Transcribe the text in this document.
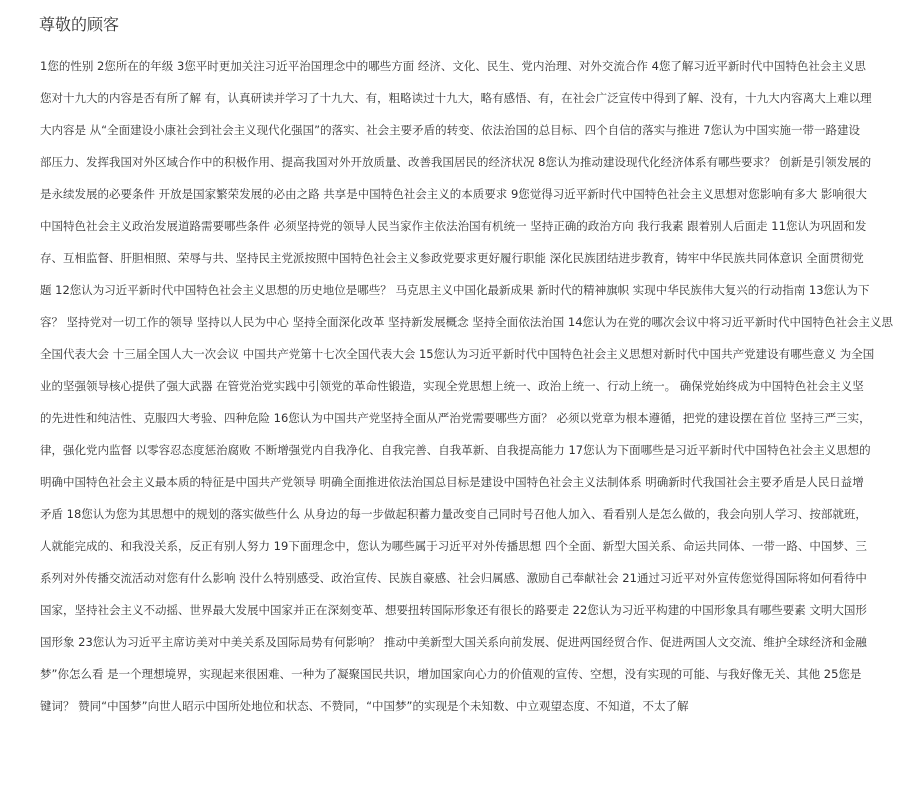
尊敬的顾客
1您的性别 2您所在的年级 3您平时更加关注习近平治国理念中的哪些方面 经济、文化、民生、党内治理、对外交流合作 4您了解习近平新时代中国特色社会主义思
您对十九大的内容是否有所了解 有，认真研读并学习了十九大、有，粗略读过十九大，略有感悟、有，在社会广泛宣传中得到了解、没有，十九大内容离大上难以理
大内容是 从“全面建设小康社会到社会主义现代化强国”的落实、社会主要矛盾的转变、依法治国的总目标、四个自信的落实与推进 7您认为中国实施一带一路建设
部压力、发挥我国对外区域合作中的积极作用、提高我国对外开放质量、改善我国居民的经济状况 8您认为推动建设现代化经济体系有哪些要求？ 创新是引领发展的
是永续发展的必要条件 开放是国家繁荣发展的必由之路 共享是中国特色社会主义的本质要求 9您觉得习近平新时代中国特色社会主义思想对您影响有多大 影响很大
中国特色社会主义政治发展道路需要哪些条件 必须坚持党的领导人民当家作主依法治国有机统一 坚持正确的政治方向 我行我素 跟着别人后面走 11您认为巩固和发
存、互相监督、肝胆相照、荣辱与共、坚持民主党派按照中国特色社会主义参政党要求更好履行职能 深化民族团结进步教育，铸牢中华民族共同体意识 全面贯彻党
题 12您认为习近平新时代中国特色社会主义思想的历史地位是哪些？ 马克思主义中国化最新成果 新时代的精神旗帜 实现中华民族伟大复兴的行动指南 13您认为下
容？ 坚持党对一切工作的领导 坚持以人民为中心 坚持全面深化改革 坚持新发展概念 坚持全面依法治国 14您认为在党的哪次会议中将习近平新时代中国特色社会主义思
全国代表大会 十三届全国人大一次会议 中国共产党第十七次全国代表大会 15您认为习近平新时代中国特色社会主义思想对新时代中国共产党建设有哪些意义 为全国
业的坚强领导核心提供了强大武器 在管党治党实践中引领党的革命性锻造，实现全党思想上统一、政治上统一、行动上统一。 确保党始终成为中国特色社会主义坚
的先进性和纯洁性、克服四大考验、四种危险 16您认为中国共产党坚持全面从严治党需要哪些方面？ 必须以党章为根本遵循，把党的建设摆在首位 坚持三严三实，
律，强化党内监督 以零容忍态度惩治腐败 不断增强党内自我净化、自我完善、自我革新、自我提高能力 17您认为下面哪些是习近平新时代中国特色社会主义思想的
明确中国特色社会主义最本质的特征是中国共产党领导 明确全面推进依法治国总目标是建设中国特色社会主义法制体系 明确新时代我国社会主要矛盾是人民日益增
矛盾 18您认为您为其思想中的规划的落实做些什么 从身边的每一步做起积蓄力量改变自己同时号召他人加入、看看别人是怎么做的，我会向别人学习、按部就班，
人就能完成的、和我没关系，反正有别人努力 19下面理念中，您认为哪些属于习近平对外传播思想 四个全面、新型大国关系、命运共同体、一带一路、中国梦、三
系列对外传播交流活动对您有什么影响 没什么特别感受、政治宣传、民族自豪感、社会归属感、激励自己奉献社会 21通过习近平对外宣传您觉得国际将如何看待中
国家，坚持社会主义不动摇、世界最大发展中国家并正在深刻变革、想要扭转国际形象还有很长的路要走 22您认为习近平构建的中国形象具有哪些要素 文明大国形
国形象 23您认为习近平主席访美对中美关系及国际局势有何影响？ 推动中美新型大国关系向前发展、促进两国经贸合作、促进两国人文交流、维护全球经济和金融
梦”你怎么看 是一个理想境界，实现起来很困难、一种为了凝聚国民共识，增加国家向心力的价值观的宣传、空想，没有实现的可能、与我好像无关、其他 25您是
键词？ 赞同“中国梦”向世人昭示中国所处地位和状态、不赞同，“中国梦”的实现是个未知数、中立观望态度、不知道，不太了解
